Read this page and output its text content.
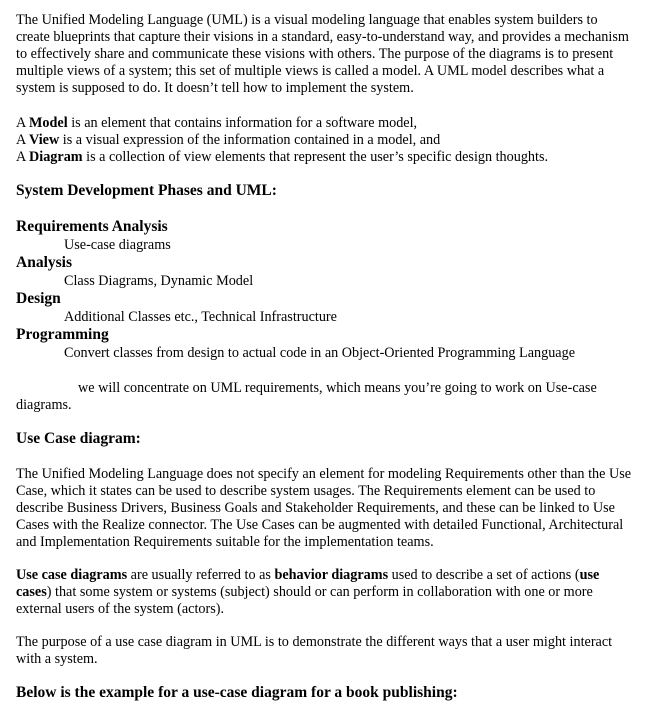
The Unified Modeling Language (UML) is a visual modeling language that enables system builders to create blueprints that capture their visions in a standard, easy-to-understand way, and provides a mechanism to effectively share and communicate these visions with others. The purpose of the diagrams is to present multiple views of a system; this set of multiple views is called a model. A UML model describes what a system is supposed to do. It doesn’t tell how to implement the system.

A Model is an element that contains information for a software model,

A View is a visual expression of the information contained in a model, and

A Diagram is a collection of view elements that represent the user’s specific design thoughts.

System Development Phases and UML:
Requirements Analysis

Use-case diagrams

Analysis

Class Diagrams, Dynamic Model

Design

Additional Classes etc., Technical Infrastructure

Programming

Convert classes from design to actual code in an Object-Oriented Programming Language

we will concentrate on UML requirements, which means you’re going to work on Use-case

diagrams.

Use Case diagram:

The Unified Modeling Language does not specify an element for modeling Requirements other than the Use Case, which it states can be used to describe system usages. The Requirements element can be used to describe Business Drivers, Business Goals and Stakeholder Requirements, and these can be linked to Use Cases with the Realize connector. The Use Cases can be augmented with detailed Functional, Architectural and Implementation Requirements suitable for the implementation teams.

Use case diagrams are usually referred to as behavior diagrams used to describe a set of actions (use cases) that some system or systems (subject) should or can perform in collaboration with one or more external users of the system (actors).

The purpose of a use case diagram in UML is to demonstrate the different ways that a user might interact with a system.

Below is the example for a use-case diagram for a book publishing:
